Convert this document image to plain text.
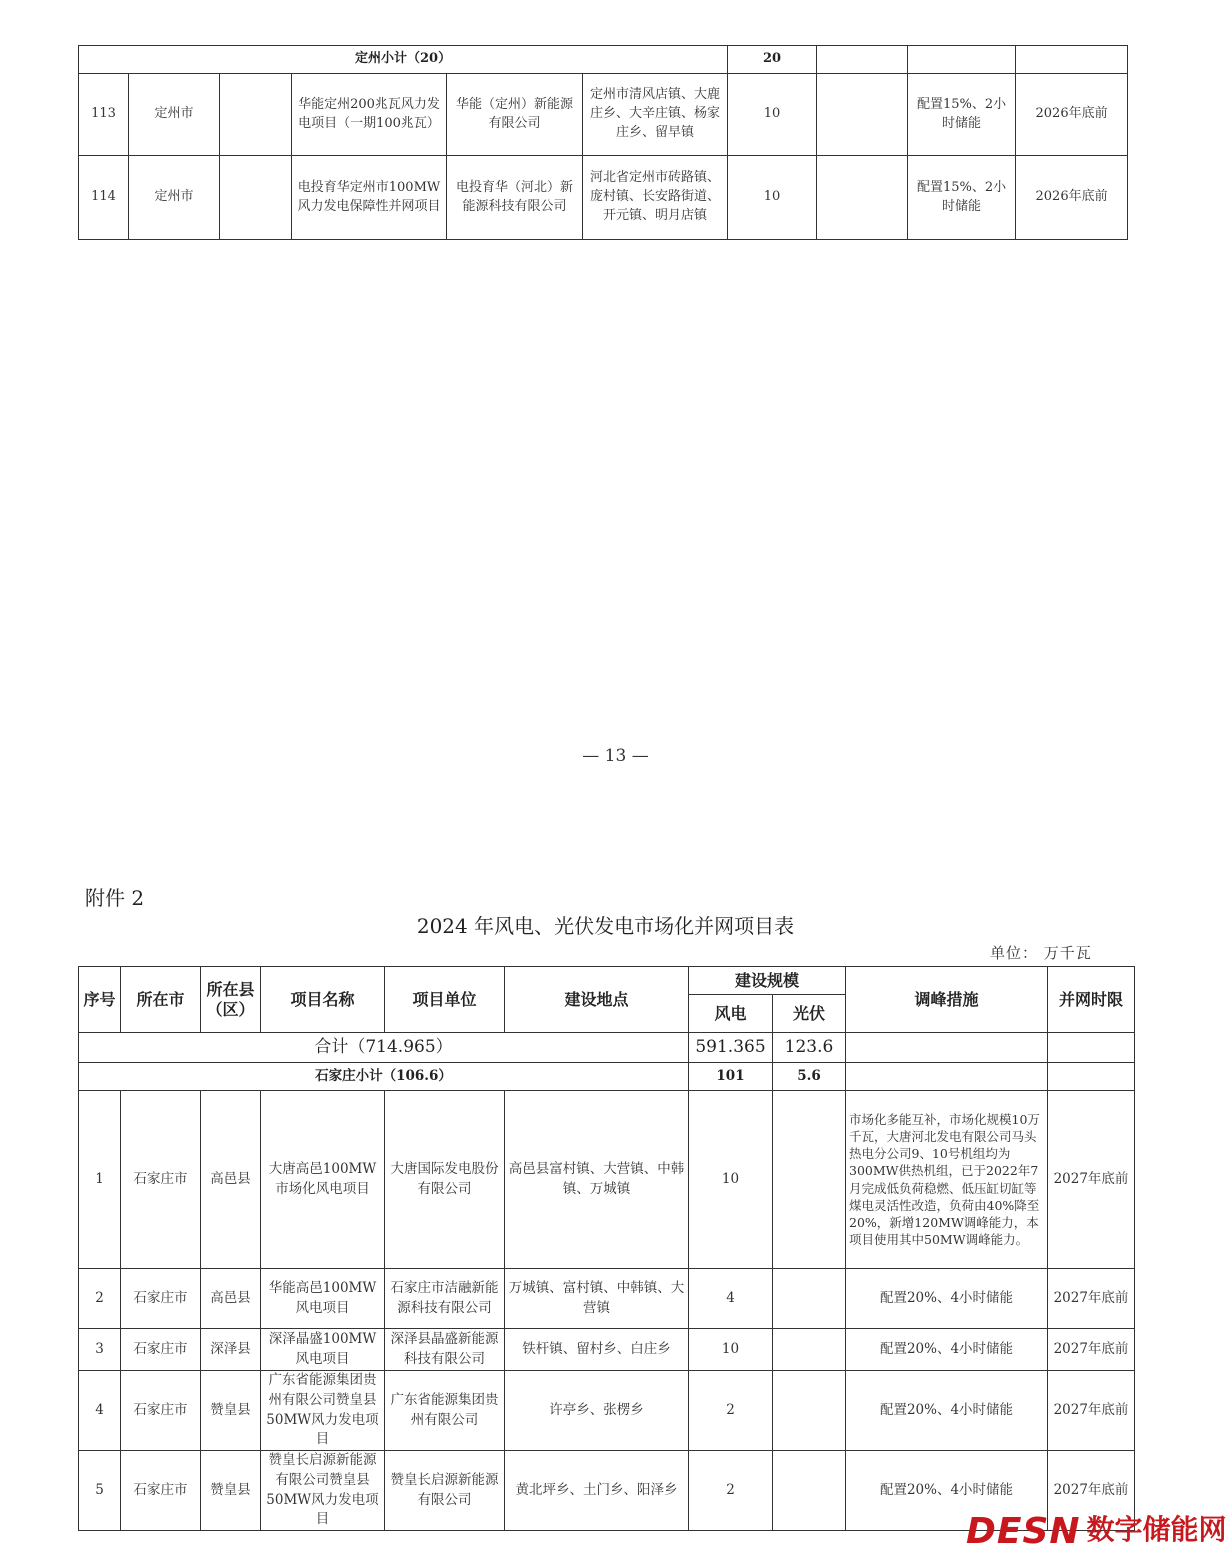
定州小计（20）						20			
113	定州市		华能定州200兆瓦风力发电项目（一期100兆瓦）	华能（定州）新能源有限公司	定州市清风店镇、大鹿庄乡、大辛庄镇、杨家庄乡、留早镇	10		配置15%、2小时储能	2026年底前
114	定州市		电投育华定州市100MW风力发电保障性并网项目	电投育华（河北）新能源科技有限公司	河北省定州市砖路镇、庞村镇、长安路街道、开元镇、明月店镇	10		配置15%、2小时储能	2026年底前
— 13 —
附件 2
2024 年风电、光伏发电市场化并网项目表
单位： 万千瓦
序号	所在市	所在县（区）	项目名称	项目单位	建设地点	建设规模		调峰措施	并网时限
						风电	光伏		
合计（714.965）						591.365	123.6		
石家庄小计（106.6）						101	5.6		
1	石家庄市	高邑县	大唐高邑100MW市场化风电项目	大唐国际发电股份有限公司	高邑县富村镇、大营镇、中韩镇、万城镇	10		市场化多能互补，市场化规模10万千瓦，大唐河北发电有限公司马头热电分公司9、10号机组均为300MW供热机组，已于2022年7月完成低负荷稳燃、低压缸切缸等煤电灵活性改造，负荷由40%降至20%，新增120MW调峰能力，本项目使用其中50MW调峰能力。	2027年底前
2	石家庄市	高邑县	华能高邑100MW风电项目	石家庄市洁融新能源科技有限公司	万城镇、富村镇、中韩镇、大营镇	4		配置20%、4小时储能	2027年底前
3	石家庄市	深泽县	深泽晶盛100MW风电项目	深泽县晶盛新能源科技有限公司	铁杆镇、留村乡、白庄乡	10		配置20%、4小时储能	2027年底前
4	石家庄市	赞皇县	广东省能源集团贵州有限公司赞皇县50MW风力发电项目	广东省能源集团贵州有限公司	许亭乡、张楞乡	2		配置20%、4小时储能	2027年底前
5	石家庄市	赞皇县	赞皇长启源新能源有限公司赞皇县50MW风力发电项目	赞皇长启源新能源有限公司	黄北坪乡、土门乡、阳泽乡	2		配置20%、4小时储能	2027年底前
DESN 数字储能网
